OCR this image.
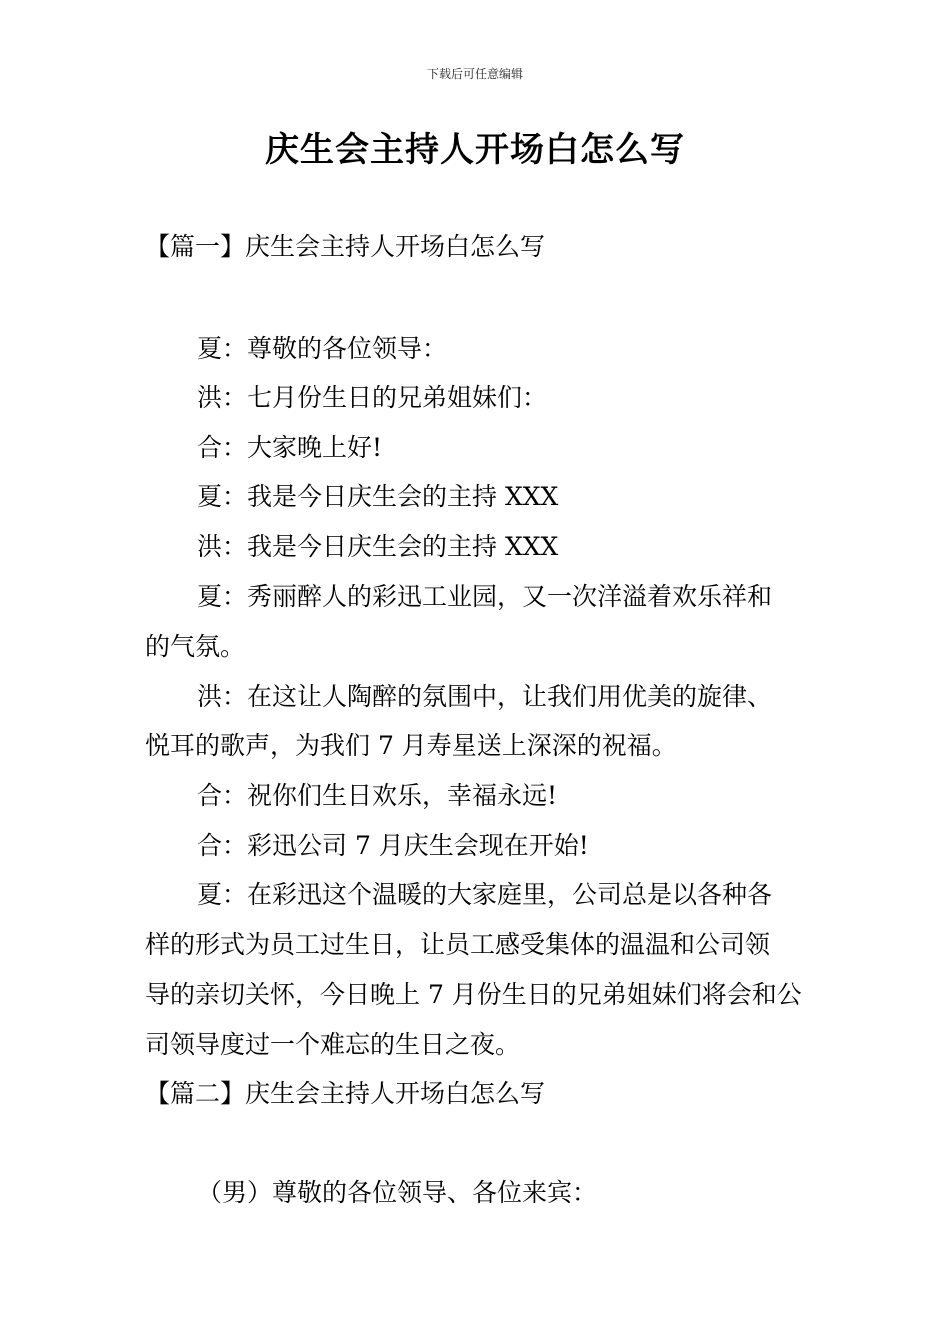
下载后可任意编辑
庆生会主持人开场白怎么写

【篇一】庆生会主持人开场白怎么写

夏：尊敬的各位领导：

洪：七月份生日的兄弟姐妹们：

合：大家晚上好!

夏：我是今日庆生会的主持 XXX

洪：我是今日庆生会的主持 XXX

夏：秀丽醉人的彩迅工业园，又一次洋溢着欢乐祥和

的气氛。

洪：在这让人陶醉的氛围中，让我们用优美的旋律、

悦耳的歌声，为我们 7 月寿星送上深深的祝福。

合：祝你们生日欢乐，幸福永远!

合：彩迅公司 7 月庆生会现在开始!

夏：在彩迅这个温暖的大家庭里，公司总是以各种各

样的形式为员工过生日，让员工感受集体的温温和公司领

导的亲切关怀，今日晚上 7 月份生日的兄弟姐妹们将会和公

司领导度过一个难忘的生日之夜。

【篇二】庆生会主持人开场白怎么写

（男）尊敬的各位领导、各位来宾：
